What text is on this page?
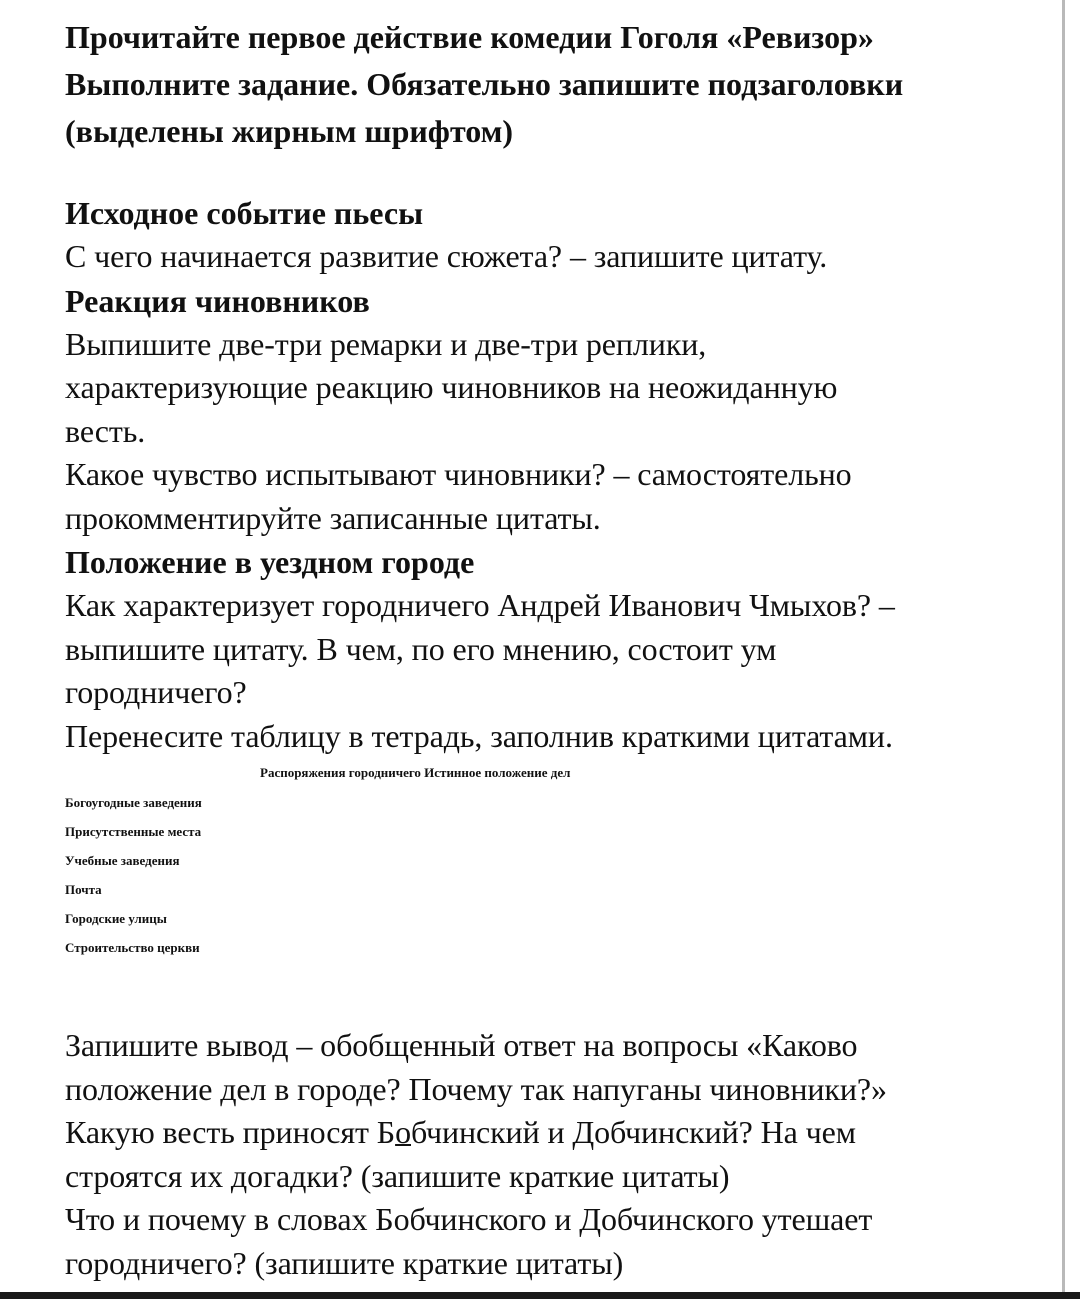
Прочитайте первое действие комедии Гоголя «Ревизор»

Выполните задание. Обязательно запишите подзаголовки

(выделены жирным шрифтом)

Исходное событие пьесы

С чего начинается развитие сюжета? – запишите цитату.

Реакция чиновников

Выпишите две-три ремарки и две-три реплики,

характеризующие реакцию чиновников на неожиданную

весть.

Какое чувство испытывают чиновники? – самостоятельно

прокомментируйте записанные цитаты.

Положение в уездном городе

Как характеризует городничего Андрей Иванович Чмыхов? –

выпишите цитату. В чем, по его мнению, состоит ум

городничего?

Перенесите таблицу в тетрадь, заполнив краткими цитатами.

Распоряжения городничего Истинное положение дел

Богоугодные заведения

Присутственные места

Учебные заведения

Почта

Городские улицы

Строительство церкви

Запишите вывод – обобщенный ответ на вопросы «Каково

положение дел в городе? Почему так напуганы чиновники?»

Какую весть приносят Бобчинский и Добчинский? На чем

строятся их догадки? (запишите краткие цитаты)

Что и почему в словах Бобчинского и Добчинского утешает

городничего? (запишите краткие цитаты)
